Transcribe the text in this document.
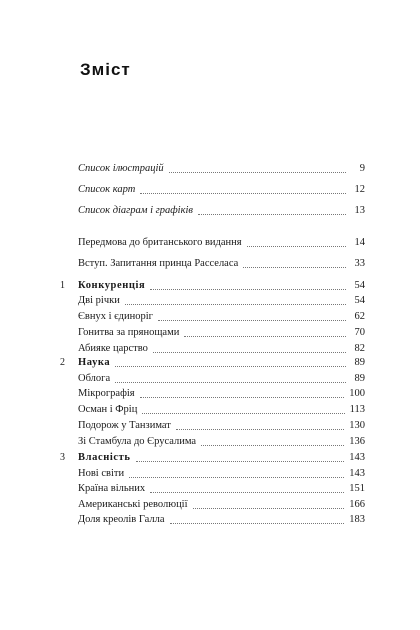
Зміст
Список ілюстрацій	9
Список карт	12
Список діаграм і графіків	13
Передмова до британського видання	14
Вступ. Запитання принца Расселаса	33
1	Конкуренція	54
Дві річки	54
Євнух і єдиноріг	62
Гонитва за прянощами	70
Абияке царство	82
2	Наука	89
Облога	89
Мікрографія	100
Осман і Фріц	113
Подорож у Танзимат	130
Зі Стамбула до Єрусалима	136
3	Власність	143
Нові світи	143
Країна вільних	151
Американські революції	166
Доля креолів Галла	183
